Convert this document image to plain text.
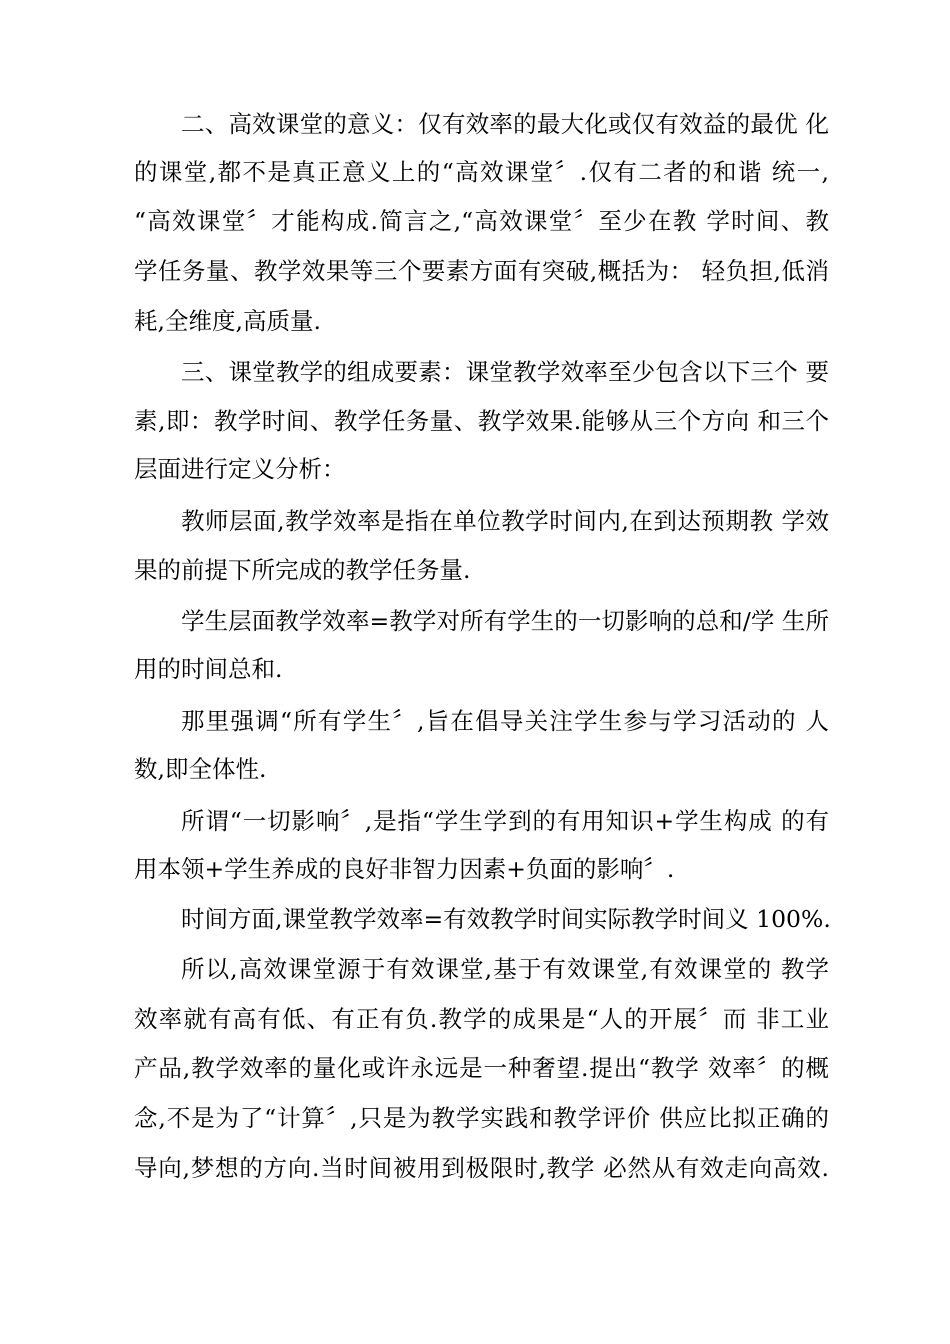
二、高效课堂的意义：仅有效率的最大化或仅有效益的最优 化
的课堂,都不是真正意义上的“高效课堂〞.仅有二者的和谐 统一,
“高效课堂〞才能构成.简言之,“高效课堂〞至少在教 学时间、教
学任务量、教学效果等三个要素方面有突破,概括为： 轻负担,低消
耗,全维度,高质量.
三、课堂教学的组成要素：课堂教学效率至少包含以下三个 要
素,即：教学时间、教学任务量、教学效果.能够从三个方向 和三个
层面进行定义分析：
教师层面,教学效率是指在单位教学时间内,在到达预期教 学效
果的前提下所完成的教学任务量.
学生层面教学效率=教学对所有学生的一切影响的总和/学 生所
用的时间总和.
那里强调“所有学生〞,旨在倡导关注学生参与学习活动的 人
数,即全体性.
所谓“一切影响〞,是指“学生学到的有用知识+学生构成 的有
用本领+学生养成的良好非智力因素+负面的影响〞.
时间方面,课堂教学效率=有效教学时间实际教学时间义 100%.
所以,高效课堂源于有效课堂,基于有效课堂,有效课堂的 教学
效率就有高有低、有正有负.教学的成果是“人的开展〞而 非工业
产品,教学效率的量化或许永远是一种奢望.提出“教学 效率〞的概
念,不是为了“计算〞,只是为教学实践和教学评价 供应比拟正确的
导向,梦想的方向.当时间被用到极限时,教学 必然从有效走向高效.
